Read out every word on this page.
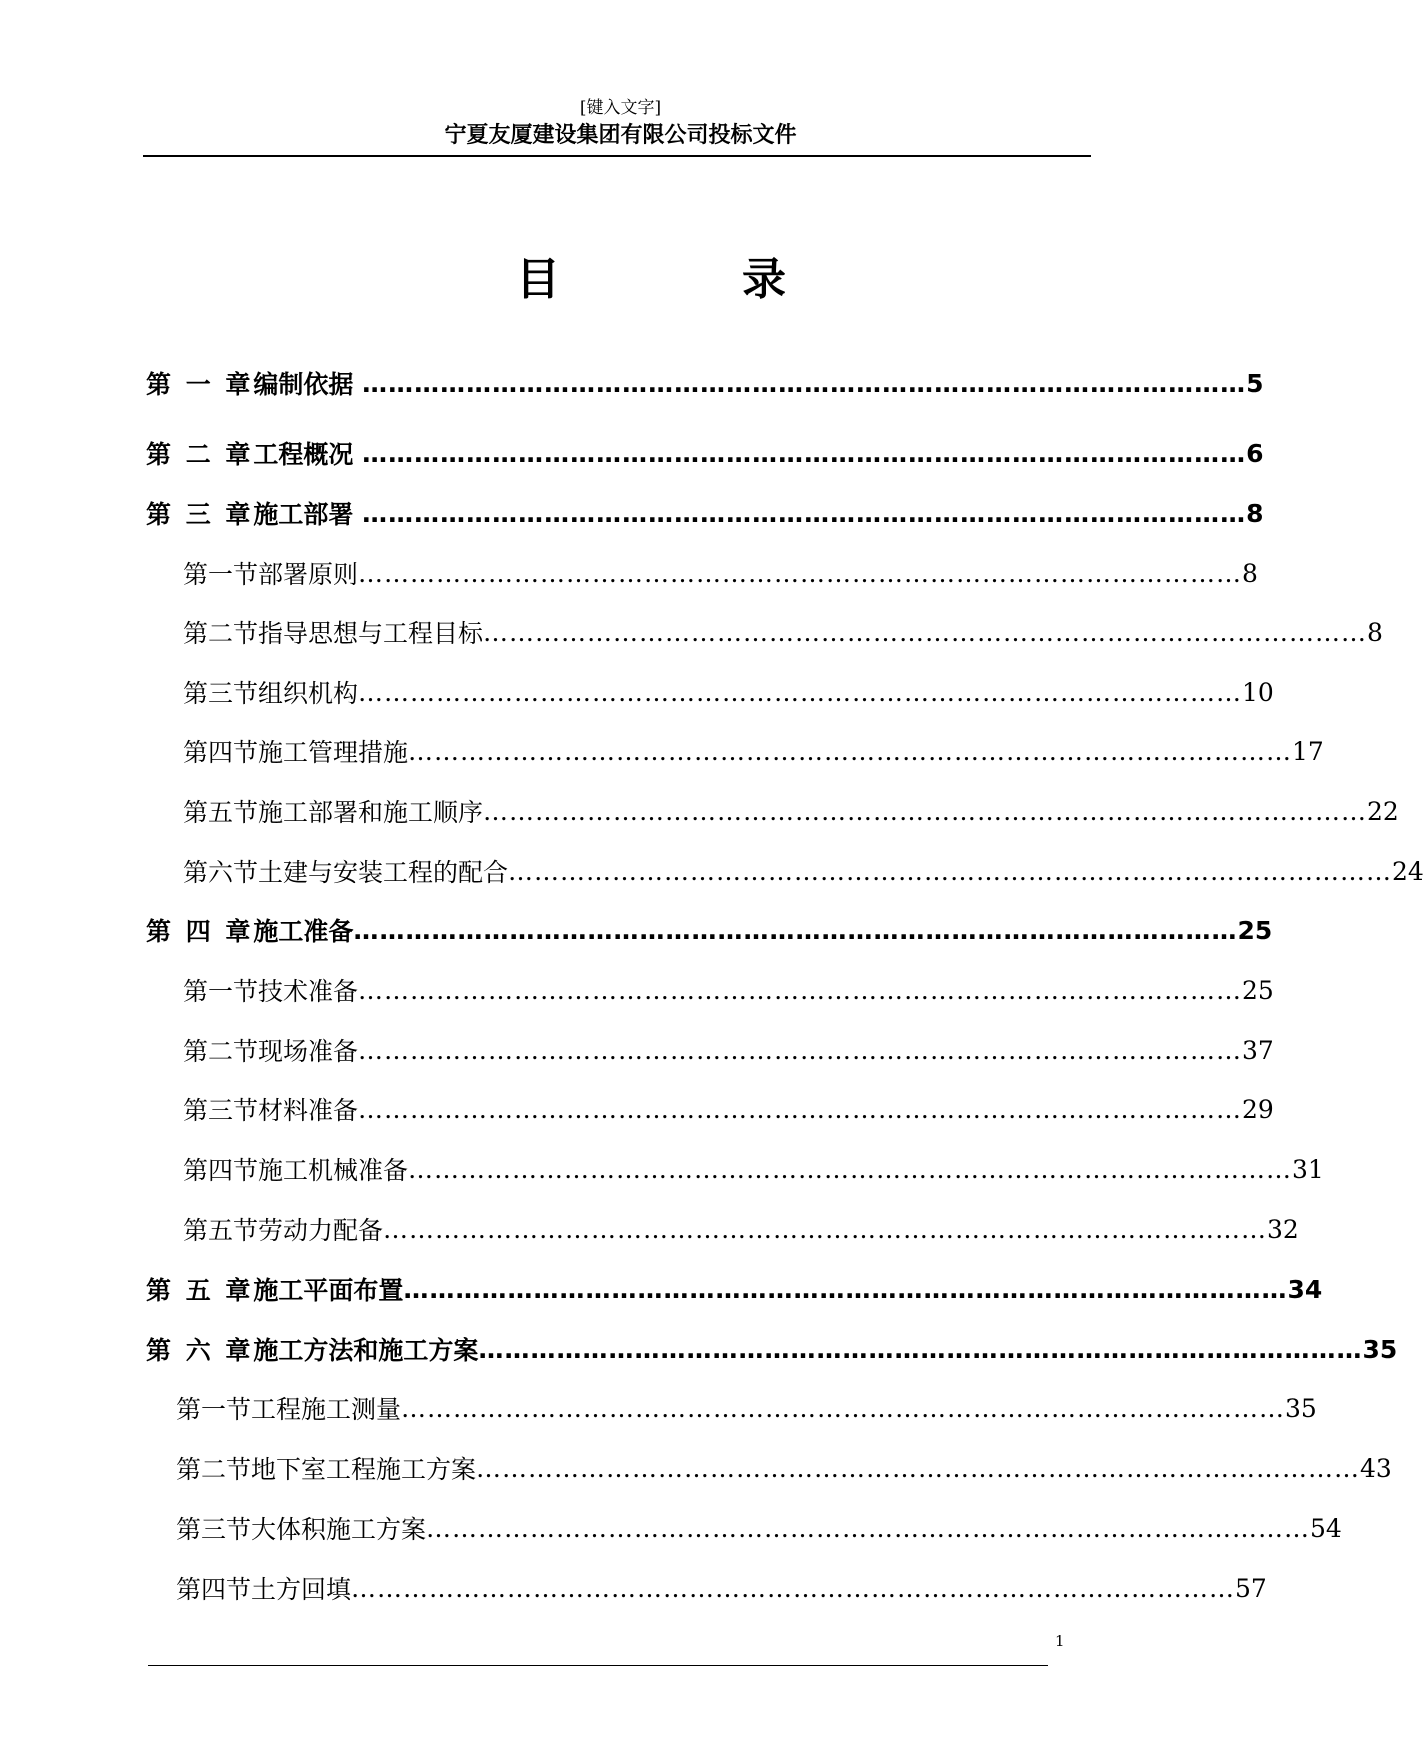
[键入文字]
宁夏友厦建设集团有限公司投标文件
目	录
第 一 章 编制依据 ………………………………………………………………………………………… 5
第 二 章 工程概况 ………………………………………………………………………………………… 6
第 三 章 施工部署 ………………………………………………………………………………………… 8
第一节 部署原则 ………………………………………………………………………………………… 8
第二节 指导思想与工程目标 ………………………………………………………………………………………… 8
第三节 组织机构 ………………………………………………………………………………………… 10
第四节 施工管理措施 ………………………………………………………………………………………… 17
第五节 施工部署和施工顺序 ………………………………………………………………………………………… 22
第六节 土建与安装工程的配合 ………………………………………………………………………………………… 24
第 四 章 施工准备 ………………………………………………………………………………………… 25
第一节 技术准备 ………………………………………………………………………………………… 25
第二节 现场准备 ………………………………………………………………………………………… 37
第三节 材料准备 ………………………………………………………………………………………… 29
第四节 施工机械准备 ………………………………………………………………………………………… 31
第五节 劳动力配备 ………………………………………………………………………………………… 32
第 五 章 施工平面布置 ………………………………………………………………………………………… 34
第 六 章 施工方法和施工方案 ………………………………………………………………………………………… 35
第一节 工程施工测量 ………………………………………………………………………………………… 35
第二节 地下室工程施工方案 ………………………………………………………………………………………… 43
第三节 大体积施工方案 ………………………………………………………………………………………… 54
第四节 土方回填 ………………………………………………………………………………………… 57
1
